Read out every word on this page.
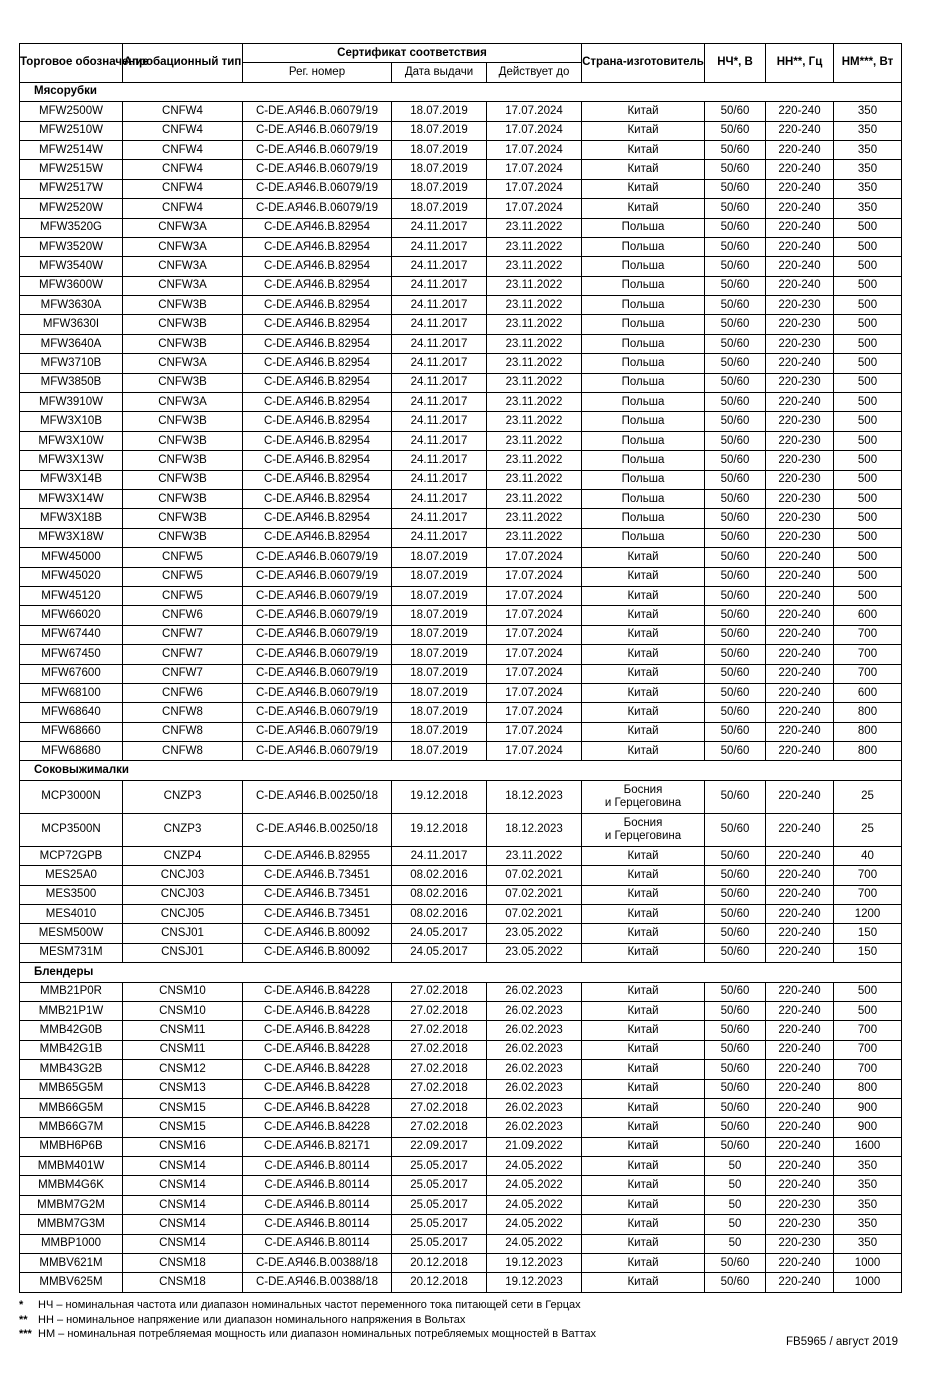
Торговое обозначение	Апробационный тип	Сертификат соответствия			Страна-изготовитель	НЧ*, В	НН**, Гц	НМ***, Вт
		Рег. номер	Дата выдачи	Действует до				
Мясорубки								
MFW2500W	CNFW4	C-DE.АЯ46.В.06079/19	18.07.2019	17.07.2024	Китай	50/60	220-240	350
MFW2510W	CNFW4	C-DE.АЯ46.В.06079/19	18.07.2019	17.07.2024	Китай	50/60	220-240	350
MFW2514W	CNFW4	C-DE.АЯ46.В.06079/19	18.07.2019	17.07.2024	Китай	50/60	220-240	350
MFW2515W	CNFW4	C-DE.АЯ46.В.06079/19	18.07.2019	17.07.2024	Китай	50/60	220-240	350
MFW2517W	CNFW4	C-DE.АЯ46.В.06079/19	18.07.2019	17.07.2024	Китай	50/60	220-240	350
MFW2520W	CNFW4	C-DE.АЯ46.В.06079/19	18.07.2019	17.07.2024	Китай	50/60	220-240	350
MFW3520G	CNFW3A	C-DE.АЯ46.В.82954	24.11.2017	23.11.2022	Польша	50/60	220-240	500
MFW3520W	CNFW3A	C-DE.АЯ46.В.82954	24.11.2017	23.11.2022	Польша	50/60	220-240	500
MFW3540W	CNFW3A	C-DE.АЯ46.В.82954	24.11.2017	23.11.2022	Польша	50/60	220-240	500
MFW3600W	CNFW3A	C-DE.АЯ46.В.82954	24.11.2017	23.11.2022	Польша	50/60	220-240	500
MFW3630A	CNFW3B	C-DE.АЯ46.В.82954	24.11.2017	23.11.2022	Польша	50/60	220-230	500
MFW3630I	CNFW3B	C-DE.АЯ46.В.82954	24.11.2017	23.11.2022	Польша	50/60	220-230	500
MFW3640A	CNFW3B	C-DE.АЯ46.В.82954	24.11.2017	23.11.2022	Польша	50/60	220-230	500
MFW3710B	CNFW3A	C-DE.АЯ46.В.82954	24.11.2017	23.11.2022	Польша	50/60	220-240	500
MFW3850B	CNFW3B	C-DE.АЯ46.В.82954	24.11.2017	23.11.2022	Польша	50/60	220-230	500
MFW3910W	CNFW3A	C-DE.АЯ46.В.82954	24.11.2017	23.11.2022	Польша	50/60	220-240	500
MFW3X10B	CNFW3B	C-DE.АЯ46.В.82954	24.11.2017	23.11.2022	Польша	50/60	220-230	500
MFW3X10W	CNFW3B	C-DE.АЯ46.В.82954	24.11.2017	23.11.2022	Польша	50/60	220-230	500
MFW3X13W	CNFW3B	C-DE.АЯ46.В.82954	24.11.2017	23.11.2022	Польша	50/60	220-230	500
MFW3X14B	CNFW3B	C-DE.АЯ46.В.82954	24.11.2017	23.11.2022	Польша	50/60	220-230	500
MFW3X14W	CNFW3B	C-DE.АЯ46.В.82954	24.11.2017	23.11.2022	Польша	50/60	220-230	500
MFW3X18B	CNFW3B	C-DE.АЯ46.В.82954	24.11.2017	23.11.2022	Польша	50/60	220-230	500
MFW3X18W	CNFW3B	C-DE.АЯ46.В.82954	24.11.2017	23.11.2022	Польша	50/60	220-230	500
MFW45000	CNFW5	C-DE.АЯ46.В.06079/19	18.07.2019	17.07.2024	Китай	50/60	220-240	500
MFW45020	CNFW5	C-DE.АЯ46.В.06079/19	18.07.2019	17.07.2024	Китай	50/60	220-240	500
MFW45120	CNFW5	C-DE.АЯ46.В.06079/19	18.07.2019	17.07.2024	Китай	50/60	220-240	500
MFW66020	CNFW6	C-DE.АЯ46.В.06079/19	18.07.2019	17.07.2024	Китай	50/60	220-240	600
MFW67440	CNFW7	C-DE.АЯ46.В.06079/19	18.07.2019	17.07.2024	Китай	50/60	220-240	700
MFW67450	CNFW7	C-DE.АЯ46.В.06079/19	18.07.2019	17.07.2024	Китай	50/60	220-240	700
MFW67600	CNFW7	C-DE.АЯ46.В.06079/19	18.07.2019	17.07.2024	Китай	50/60	220-240	700
MFW68100	CNFW6	C-DE.АЯ46.В.06079/19	18.07.2019	17.07.2024	Китай	50/60	220-240	600
MFW68640	CNFW8	C-DE.АЯ46.В.06079/19	18.07.2019	17.07.2024	Китай	50/60	220-240	800
MFW68660	CNFW8	C-DE.АЯ46.В.06079/19	18.07.2019	17.07.2024	Китай	50/60	220-240	800
MFW68680	CNFW8	C-DE.АЯ46.В.06079/19	18.07.2019	17.07.2024	Китай	50/60	220-240	800
Соковыжималки								
MCP3000N	CNZP3	C-DE.АЯ46.В.00250/18	19.12.2018	18.12.2023	Босния
и Герцеговина	50/60	220-240	25
MCP3500N	CNZP3	C-DE.АЯ46.В.00250/18	19.12.2018	18.12.2023	Босния
и Герцеговина	50/60	220-240	25
MCP72GPB	CNZP4	C-DE.АЯ46.В.82955	24.11.2017	23.11.2022	Китай	50/60	220-240	40
MES25A0	CNCJ03	C-DE.АЯ46.В.73451	08.02.2016	07.02.2021	Китай	50/60	220-240	700
MES3500	CNCJ03	C-DE.АЯ46.В.73451	08.02.2016	07.02.2021	Китай	50/60	220-240	700
MES4010	CNCJ05	C-DE.АЯ46.В.73451	08.02.2016	07.02.2021	Китай	50/60	220-240	1200
MESM500W	CNSJ01	C-DE.АЯ46.В.80092	24.05.2017	23.05.2022	Китай	50/60	220-240	150
MESM731M	CNSJ01	C-DE.АЯ46.В.80092	24.05.2017	23.05.2022	Китай	50/60	220-240	150
Блендеры								
MMB21P0R	CNSM10	C-DE.АЯ46.В.84228	27.02.2018	26.02.2023	Китай	50/60	220-240	500
MMB21P1W	CNSM10	C-DE.АЯ46.В.84228	27.02.2018	26.02.2023	Китай	50/60	220-240	500
MMB42G0B	CNSM11	C-DE.АЯ46.В.84228	27.02.2018	26.02.2023	Китай	50/60	220-240	700
MMB42G1B	CNSM11	C-DE.АЯ46.В.84228	27.02.2018	26.02.2023	Китай	50/60	220-240	700
MMB43G2B	CNSM12	C-DE.АЯ46.В.84228	27.02.2018	26.02.2023	Китай	50/60	220-240	700
MMB65G5M	CNSM13	C-DE.АЯ46.В.84228	27.02.2018	26.02.2023	Китай	50/60	220-240	800
MMB66G5M	CNSM15	C-DE.АЯ46.В.84228	27.02.2018	26.02.2023	Китай	50/60	220-240	900
MMB66G7M	CNSM15	C-DE.АЯ46.В.84228	27.02.2018	26.02.2023	Китай	50/60	220-240	900
MMBH6P6B	CNSM16	C-DE.АЯ46.В.82171	22.09.2017	21.09.2022	Китай	50/60	220-240	1600
MMBM401W	CNSM14	C-DE.АЯ46.В.80114	25.05.2017	24.05.2022	Китай	50	220-240	350
MMBM4G6K	CNSM14	C-DE.АЯ46.В.80114	25.05.2017	24.05.2022	Китай	50	220-240	350
MMBM7G2M	CNSM14	C-DE.АЯ46.В.80114	25.05.2017	24.05.2022	Китай	50	220-230	350
MMBM7G3M	CNSM14	C-DE.АЯ46.В.80114	25.05.2017	24.05.2022	Китай	50	220-230	350
MMBP1000	CNSM14	C-DE.АЯ46.В.80114	25.05.2017	24.05.2022	Китай	50	220-230	350
MMBV621M	CNSM18	C-DE.АЯ46.В.00388/18	20.12.2018	19.12.2023	Китай	50/60	220-240	1000
MMBV625M	CNSM18	C-DE.АЯ46.В.00388/18	20.12.2018	19.12.2023	Китай	50/60	220-240	1000
*	НЧ – номинальная частота или диапазон номинальных частот переменного тока питающей сети в Герцах
** НН – номинальное напряжение или диапазон номинального напряжения в Вольтах
*** НМ – номинальная потребляемая мощность или диапазон номинальных потребляемых мощностей в Ваттах
FB5965 / август 2019
